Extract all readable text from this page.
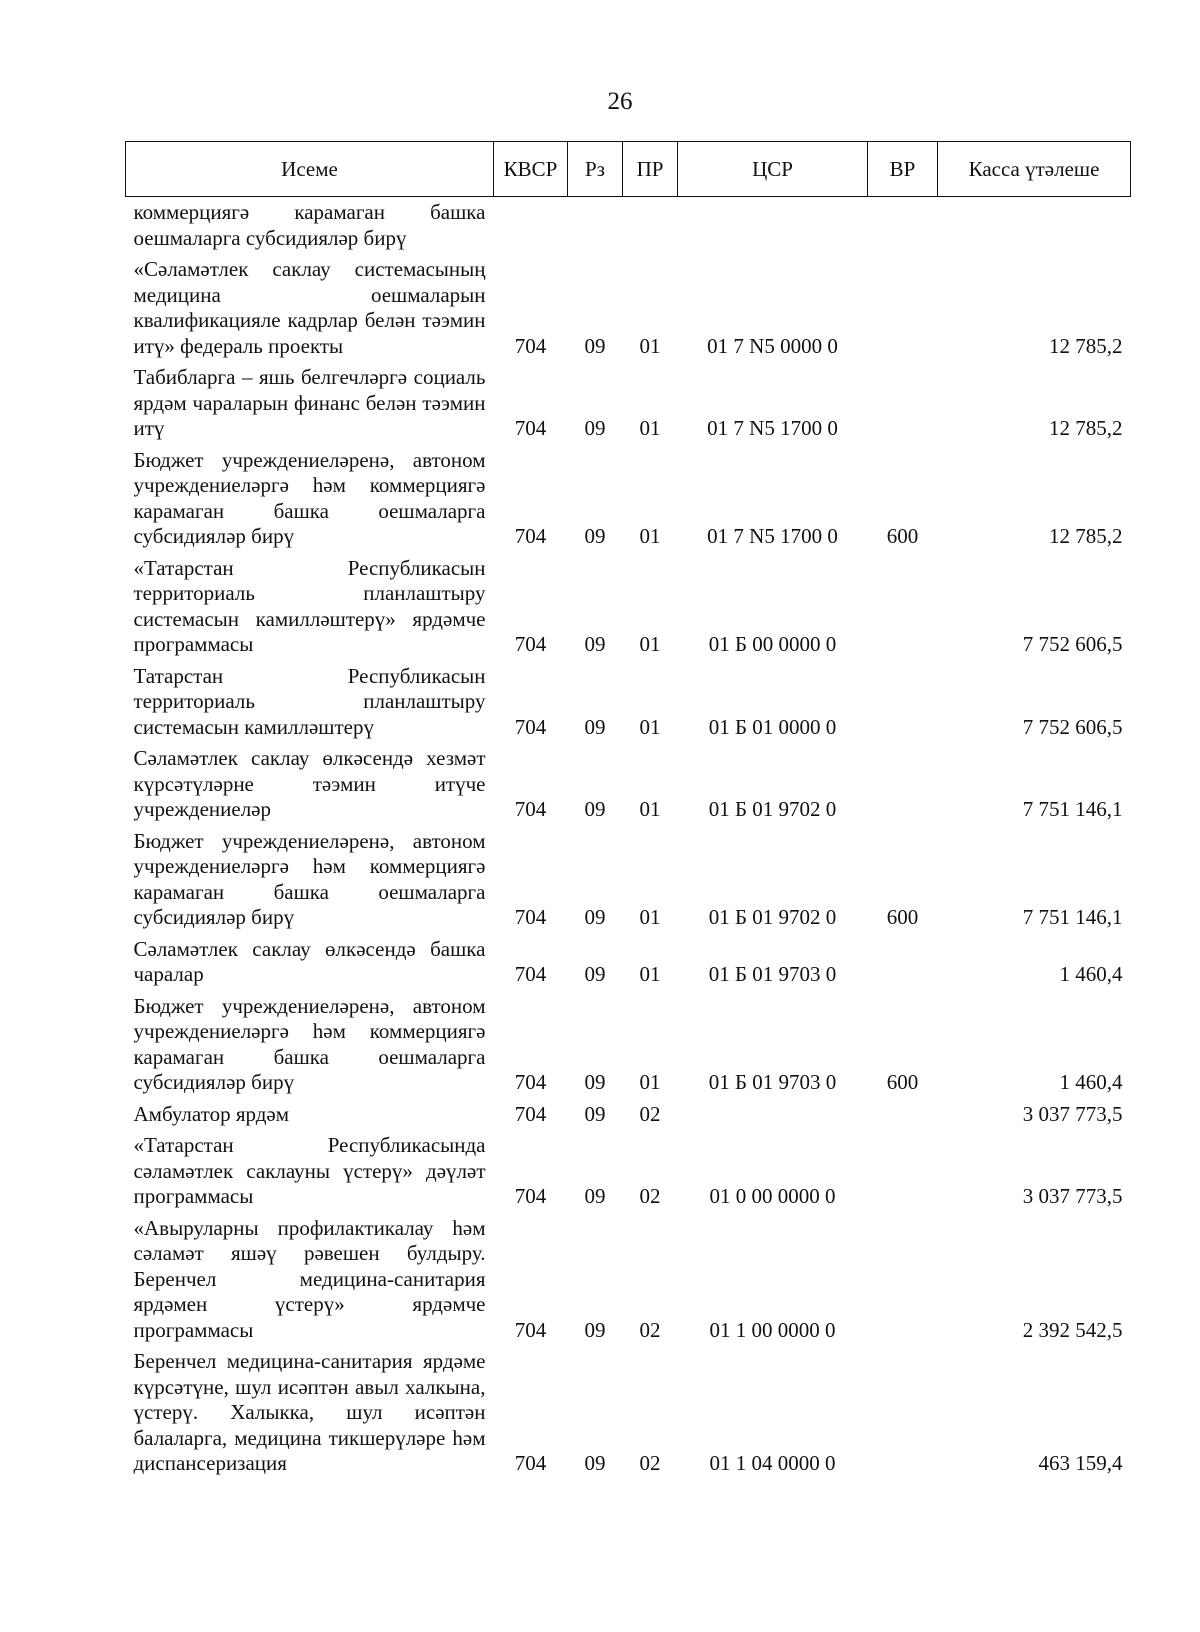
26
Исеме	КВСР	Рз	ПР	ЦСР	ВР	Касса үтәлеше
коммерциягә карамаган башка оешмаларга субсидияләр бирү						
«Сәламәтлек саклау системасының медицина оешмаларын квалификацияле кадрлар белән тәэмин итү» федераль проекты	704	09	01	01 7 N5 0000 0		12 785,2
Табибларга – яшь белгечләргә социаль ярдәм чараларын финанс белән тәэмин итү	704	09	01	01 7 N5 1700 0		12 785,2
Бюджет учреждениеләренә, автоном учреждениеләргә һәм коммерциягә карамаган башка оешмаларга субсидияләр бирү	704	09	01	01 7 N5 1700 0	600	12 785,2
«Татарстан Республикасын территориаль планлаштыру системасын камилләштерү» ярдәмче программасы	704	09	01	01 Б 00 0000 0		7 752 606,5
Татарстан Республикасын территориаль планлаштыру системасын камилләштерү	704	09	01	01 Б 01 0000 0		7 752 606,5
Сәламәтлек саклау өлкәсендә хезмәт күрсәтүләрне тәэмин итүче учреждениеләр	704	09	01	01 Б 01 9702 0		7 751 146,1
Бюджет учреждениеләренә, автоном учреждениеләргә һәм коммерциягә карамаган башка оешмаларга субсидияләр бирү	704	09	01	01 Б 01 9702 0	600	7 751 146,1
Сәламәтлек саклау өлкәсендә башка чаралар	704	09	01	01 Б 01 9703 0		1 460,4
Бюджет учреждениеләренә, автоном учреждениеләргә һәм коммерциягә карамаган башка оешмаларга субсидияләр бирү	704	09	01	01 Б 01 9703 0	600	1 460,4
Амбулатор ярдәм	704	09	02			3 037 773,5
«Татарстан Республикасында сәламәтлек саклауны үстерү» дәүләт программасы	704	09	02	01 0 00 0000 0		3 037 773,5
«Авыруларны профилактикалау һәм сәламәт яшәү рәвешен булдыру. Беренчел медицина-санитария ярдәмен үстерү» ярдәмче программасы	704	09	02	01 1 00 0000 0		2 392 542,5
Беренчел медицина-санитария ярдәме күрсәтүне, шул исәптән авыл халкына, үстерү. Халыкка, шул исәптән балаларга, медицина тикшерүләре һәм диспансеризация	704	09	02	01 1 04 0000 0		463 159,4
